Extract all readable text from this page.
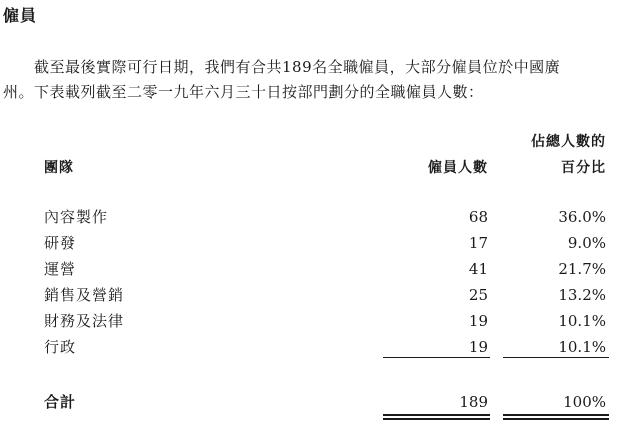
僱員
截至最後實際可行日期，我們有合共189名全職僱員，大部分僱員位於中國廣
州。下表載列截至二零一九年六月三十日按部門劃分的全職僱員人數：
佔總人數的
團隊	僱員人數	百分比
內容製作	68	36.0%
研發	17	9.0%
運營	41	21.7%
銷售及營銷	25	13.2%
財務及法律	19	10.1%
行政	19	10.1%
合計	189	100%
